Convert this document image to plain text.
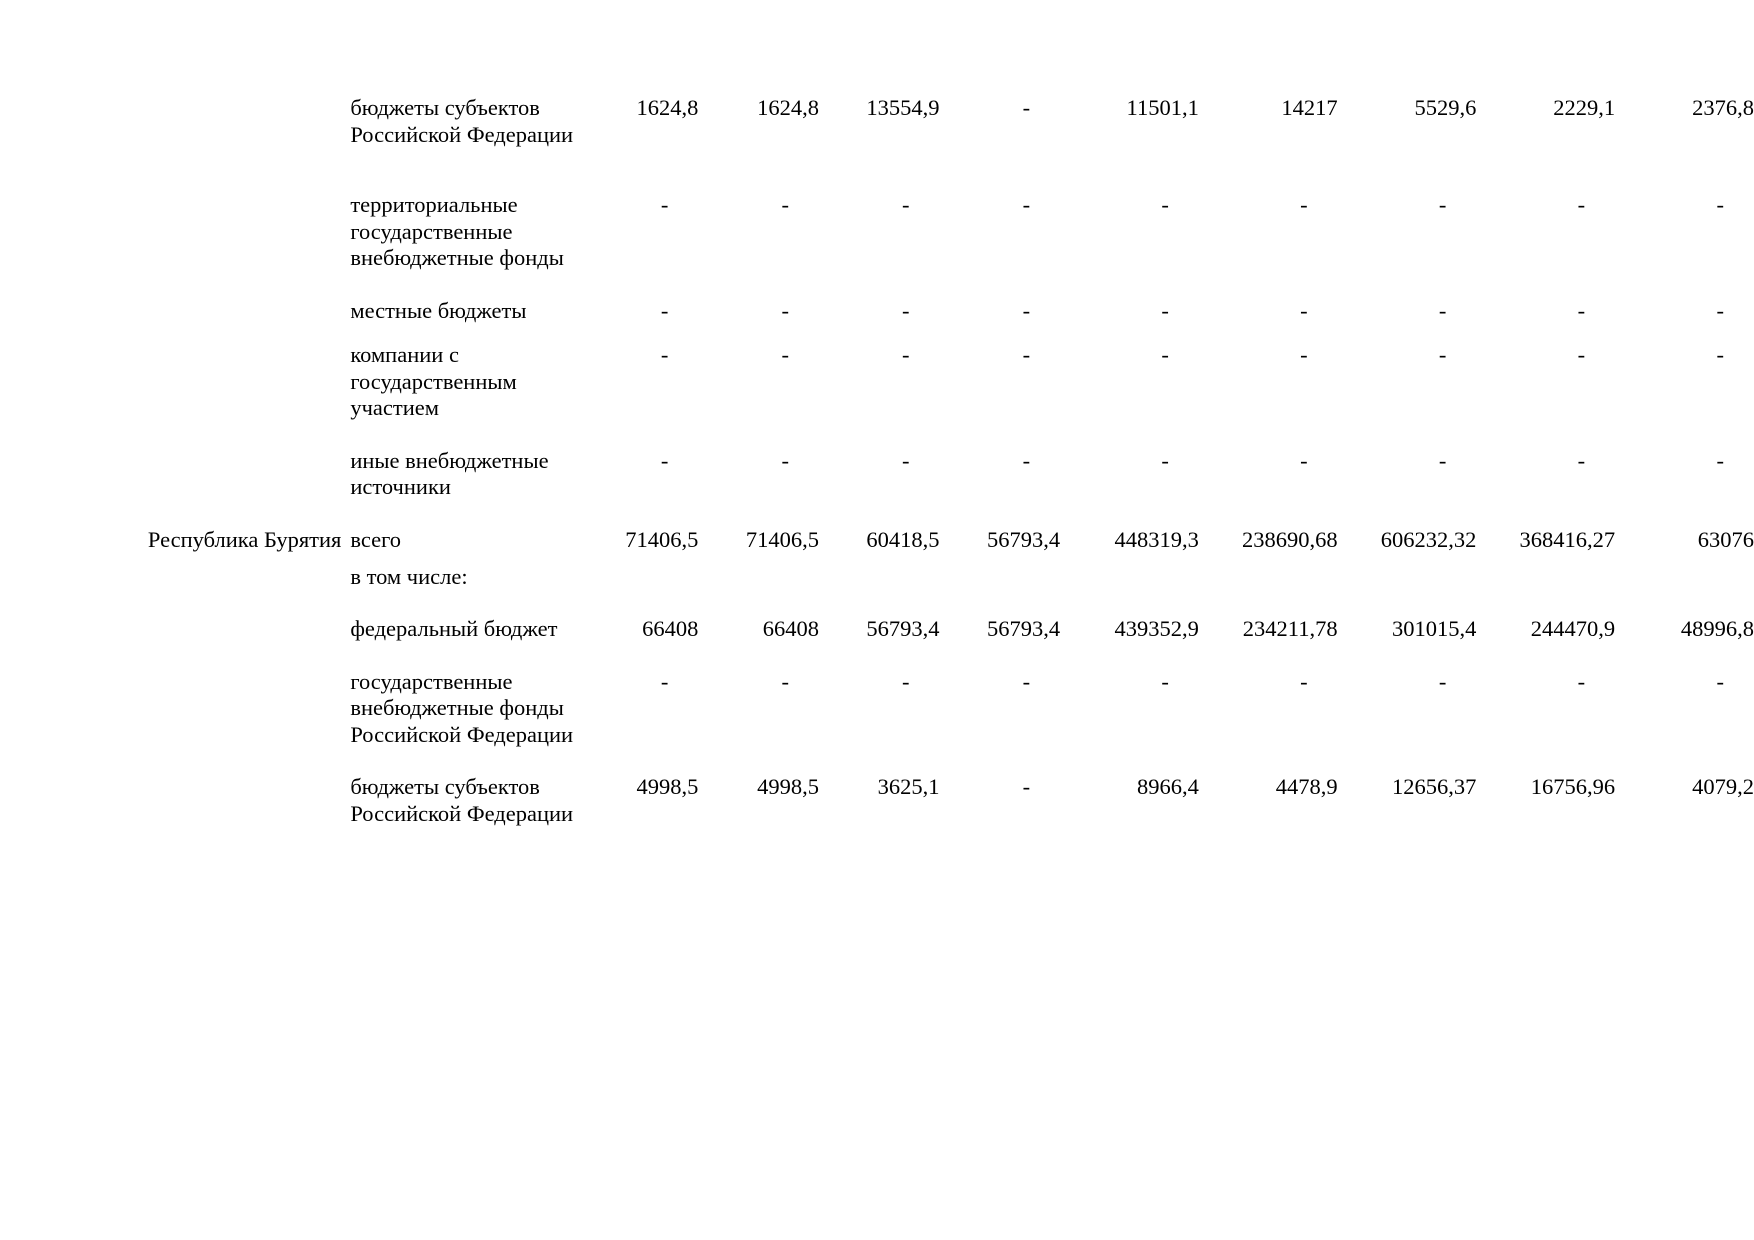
		бюджеты субъектов Российской Федерации	1624,8	1624,8	13554,9	-	11501,1	14217	5529,6	2229,1	2376,8

		территориальные государственные внебюджетные фонды	-	-	-	-	-	-	-	-	-

		местные бюджеты	-	-	-	-	-	-	-	-	-

		компании с государственным участием	-	-	-	-	-	-	-	-	-

		иные внебюджетные источники	-	-	-	-	-	-	-	-	-

	Республика Бурятия	всего	71406,5	71406,5	60418,5	56793,4	448319,3	238690,68	606232,32	368416,27	63076

		в том числе:									

		федеральный бюджет	66408	66408	56793,4	56793,4	439352,9	234211,78	301015,4	244470,9	48996,8

		государственные внебюджетные фонды Российской Федерации	-	-	-	-	-	-	-	-	-

		бюджеты субъектов Российской Федерации	4998,5	4998,5	3625,1	-	8966,4	4478,9	12656,37	16756,96	4079,2
